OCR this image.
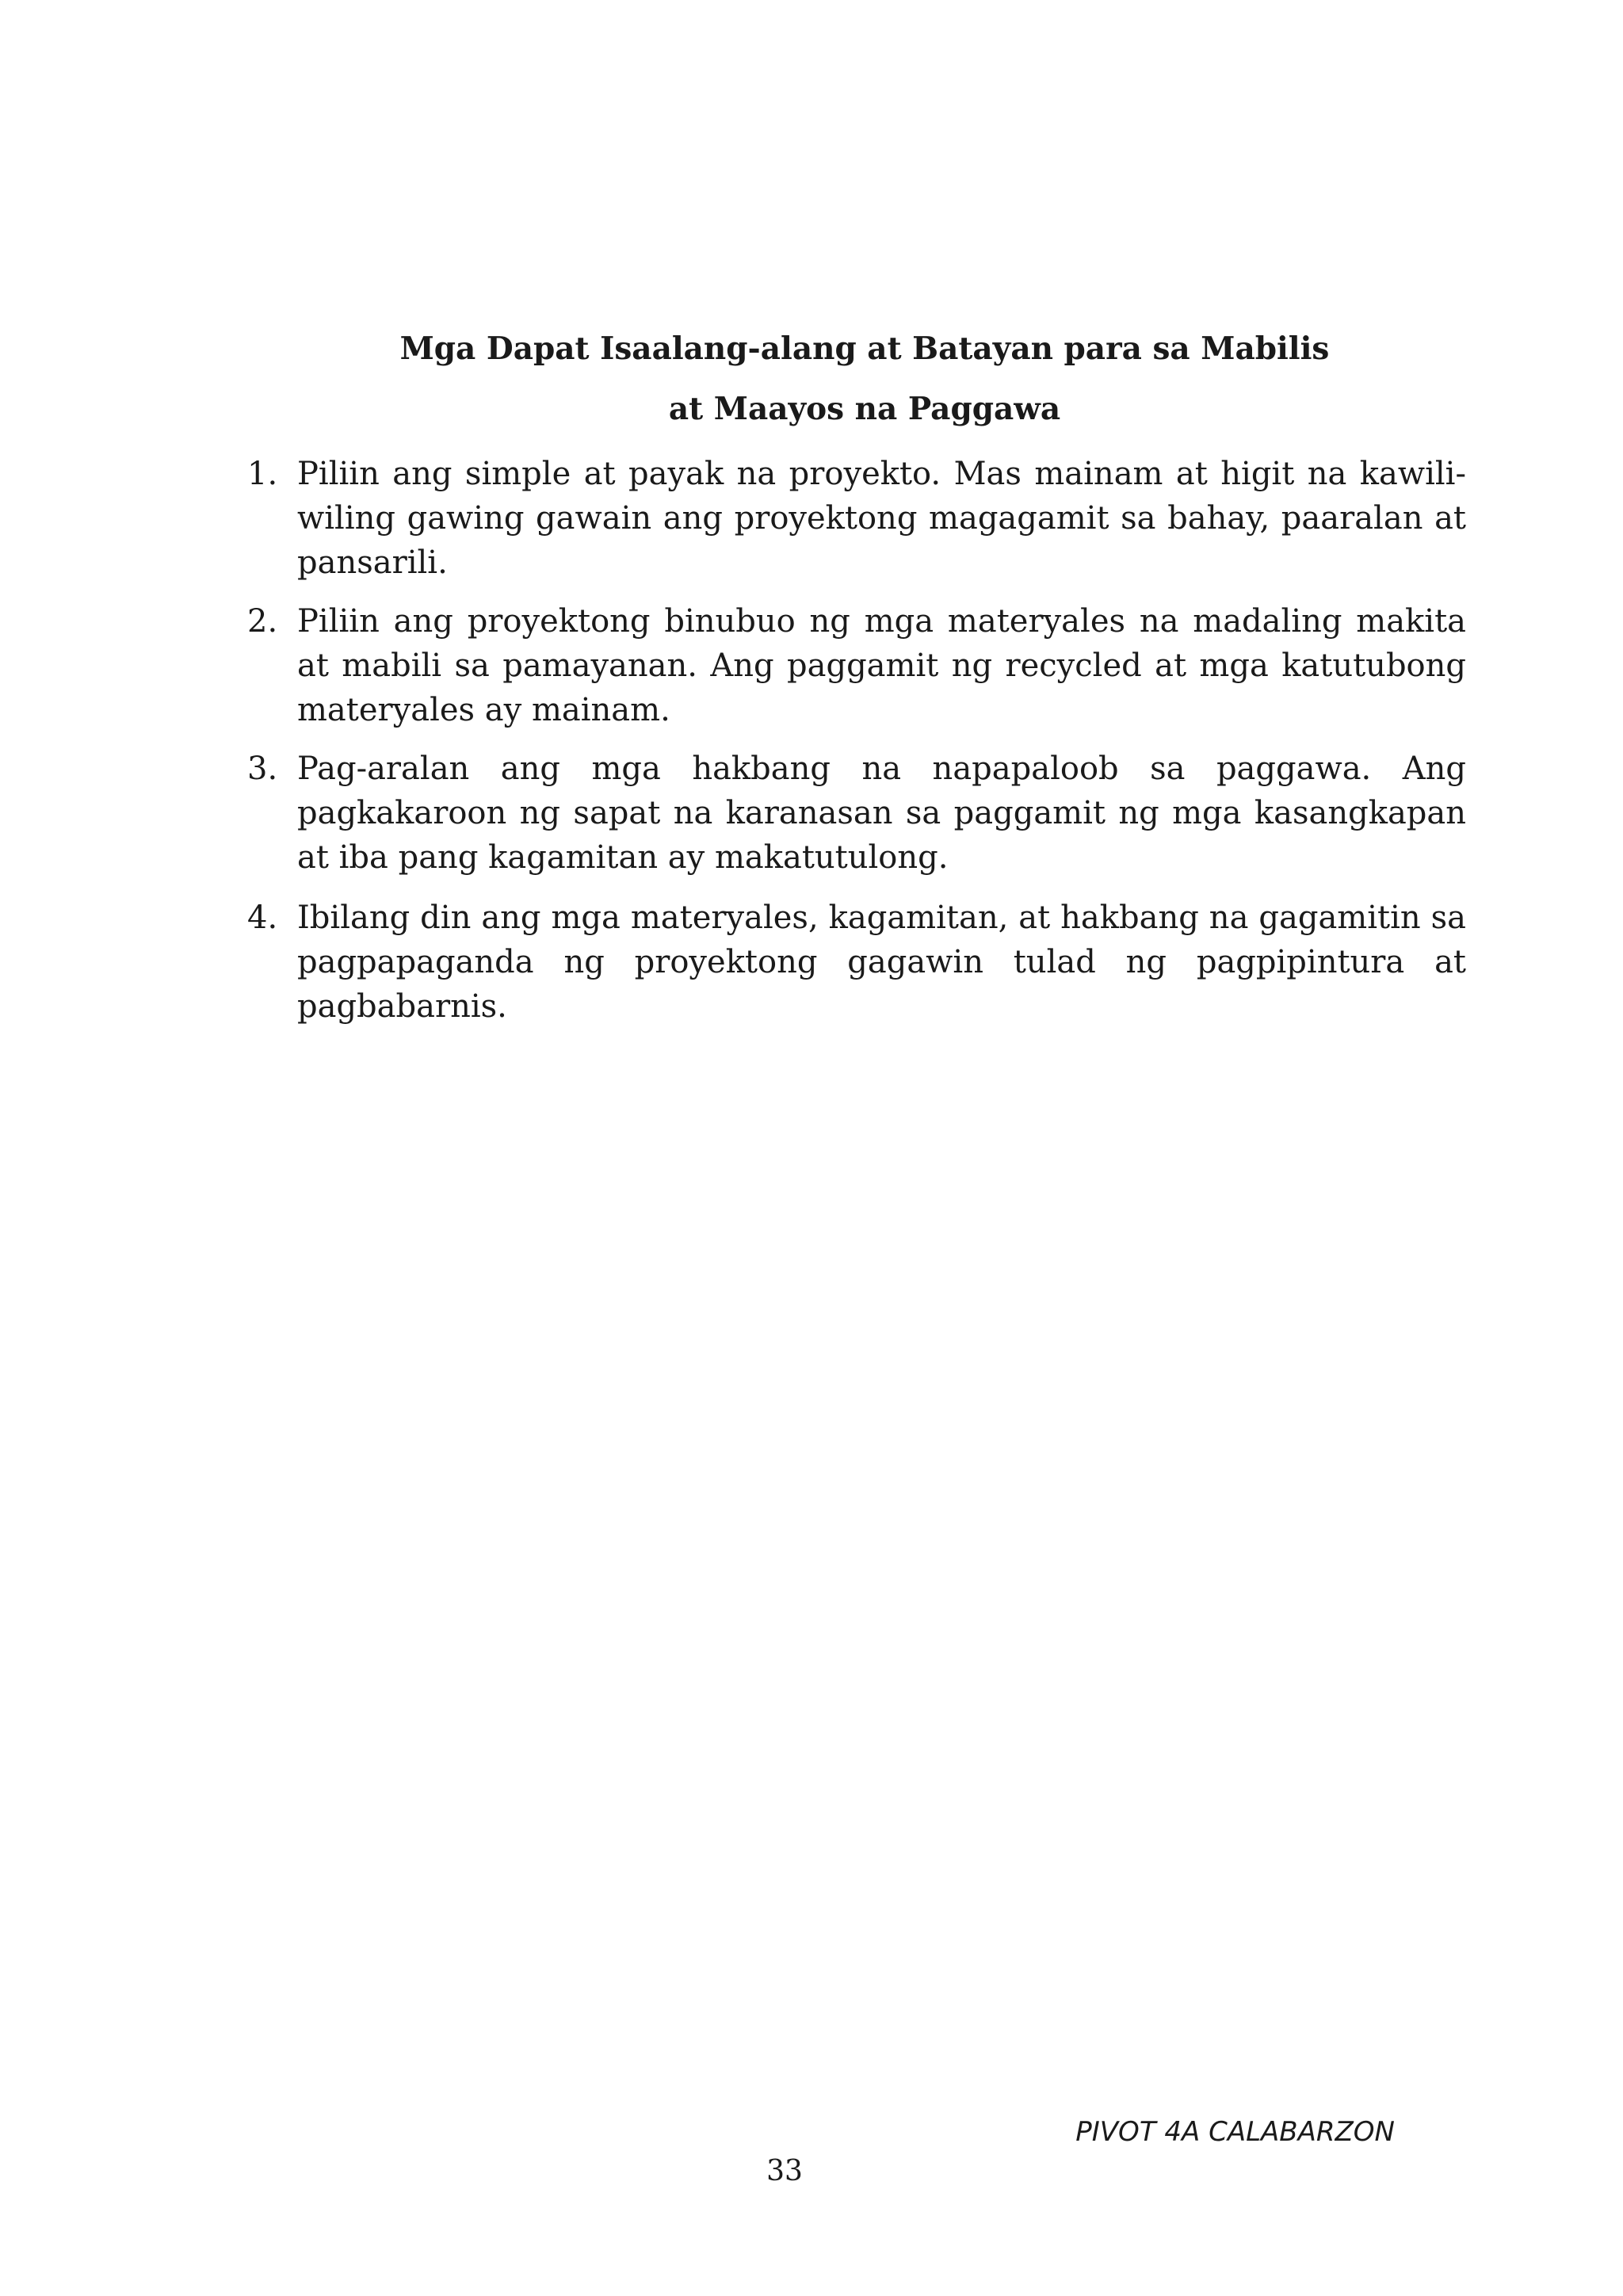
Mga Dapat Isaalang-alang at Batayan para sa Mabilis
at Maayos na Paggawa
1. Piliin ang simple at payak na proyekto. Mas mainam at higit na kawili-wiling gawing gawain ang proyektong magagamit sa bahay, paaralan at pansarili.
2. Piliin ang proyektong binubuo ng mga materyales na madaling makita at mabili sa pamayanan. Ang paggamit ng recycled at mga katutubong materyales ay mainam.
3. Pag-aralan ang mga hakbang na napapaloob sa paggawa. Ang pagkakaroon ng sapat na karanasan sa paggamit ng mga kasangkapan at iba pang kagamitan ay makatutulong.
4. Ibilang din ang mga materyales, kagamitan, at hakbang na gagamitin sa pagpapaganda ng proyektong gagawin tulad ng pagpipintura at pagbabarnis.
PIVOT 4A CALABARZON
33
